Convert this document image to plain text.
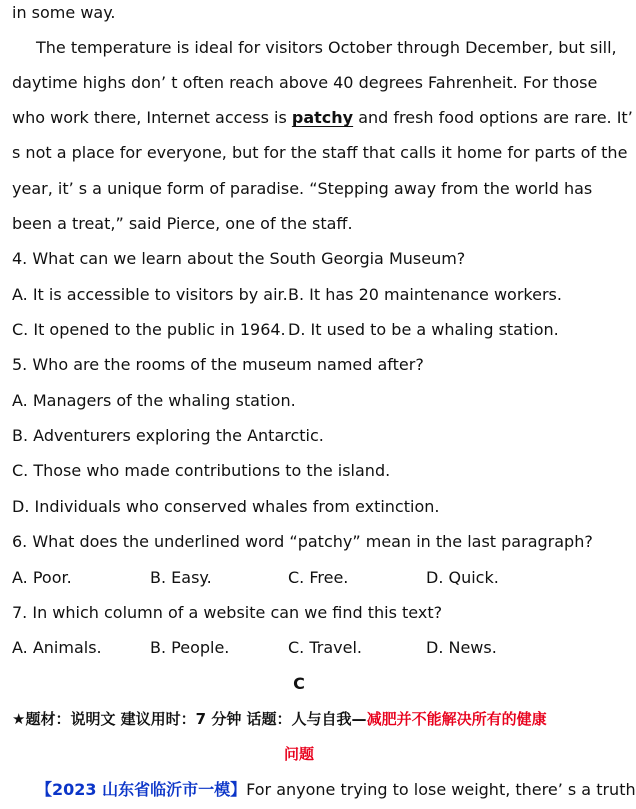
in some way.
The temperature is ideal for visitors October through December, but sill,
daytime highs don’ t often reach above 40 degrees Fahrenheit. For those
who work there, Internet access is patchy and fresh food options are rare. It’
s not a place for everyone, but for the staff that calls it home for parts of the
year, it’ s a unique form of paradise. “Stepping away from the world has
been a treat,” said Pierce, one of the staff.
4. What can we learn about the South Georgia Museum?
A. It is accessible to visitors by air. B. It has 20 maintenance workers.
C. It opened to the public in 1964. D. It used to be a whaling station.
5. Who are the rooms of the museum named after?
A. Managers of the whaling station.
B. Adventurers exploring the Antarctic.
C. Those who made contributions to the island.
D. Individuals who conserved whales from extinction.
6. What does the underlined word “patchy” mean in the last paragraph?
A. Poor.	B. Easy.	C. Free.	D. Quick.
7. In which column of a website can we find this text?
A. Animals.	B. People.	C. Travel.	D. News.
C
★题材：说明文 建议用时：7 分钟 话题：人与自我—减肥并不能解决所有的健康
问题
【2023 山东省临沂市一模】For anyone trying to lose weight, there’ s a truth
